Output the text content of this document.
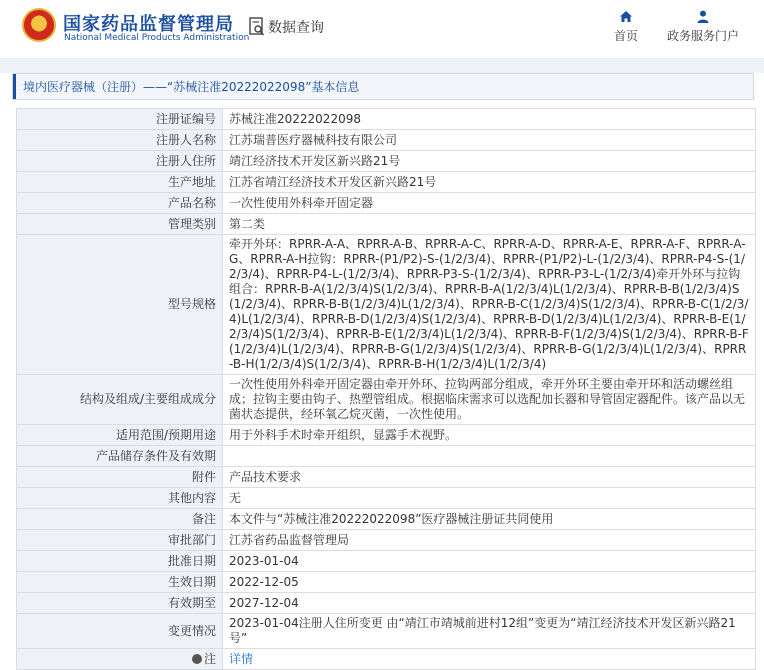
国家药品监督管理局
National Medical Products Administration
数据查询	首页	政务服务门户
境内医疗器械（注册）——“苏械注准20222022098”基本信息
注册证编号	苏械注准20222022098
注册人名称	江苏瑞普医疗器械科技有限公司
注册人住所	靖江经济技术开发区新兴路21号
生产地址	江苏省靖江经济技术开发区新兴路21号
产品名称	一次性使用外科牵开固定器
管理类别	第二类
型号规格	牵开外环：RPRR-A-A、RPRR-A-B、RPRR-A-C、RPRR-A-D、RPRR-A-E、RPRR-A-F、RPRR-A-G、RPRR-A-H拉钩：RPRR-(P1/P2)-S-(1/2/3/4)、RPRR-(P1/P2)-L-(1/2/3/4)、RPRR-P4-S-(1/2/3/4)、RPRR-P4-L-(1/2/3/4)、RPRR-P3-S-(1/2/3/4)、RPRR-P3-L-(1/2/3/4)牵开外环与拉钩组合：RPRR-B-A(1/2/3/4)S(1/2/3/4)、RPRR-B-A(1/2/3/4)L(1/2/3/4)、RPRR-B-B(1/2/3/4)S(1/2/3/4)、RPRR-B-B(1/2/3/4)L(1/2/3/4)、RPRR-B-C(1/2/3/4)S(1/2/3/4)、RPRR-B-C(1/2/3/4)L(1/2/3/4)、RPRR-B-D(1/2/3/4)S(1/2/3/4)、RPRR-B-D(1/2/3/4)L(1/2/3/4)、RPRR-B-E(1/2/3/4)S(1/2/3/4)、RPRR-B-E(1/2/3/4)L(1/2/3/4)、RPRR-B-F(1/2/3/4)S(1/2/3/4)、RPRR-B-F(1/2/3/4)L(1/2/3/4)、RPRR-B-G(1/2/3/4)S(1/2/3/4)、RPRR-B-G(1/2/3/4)L(1/2/3/4)、RPRR-B-H(1/2/3/4)S(1/2/3/4)、RPRR-B-H(1/2/3/4)L(1/2/3/4)
结构及组成/主要组成成分	一次性使用外科牵开固定器由牵开外环、拉钩两部分组成，牵开外环主要由牵开环和活动螺丝组成；拉钩主要由钩子、热塑管组成。根据临床需求可以选配加长器和导管固定器配件。该产品以无菌状态提供，经环氧乙烷灭菌，一次性使用。
适用范围/预期用途	用于外科手术时牵开组织，显露手术视野。
产品储存条件及有效期	
附件	产品技术要求
其他内容	无
备注	本文件与“苏械注准20222022098”医疗器械注册证共同使用
审批部门	江苏省药品监督管理局
批准日期	2023-01-04
生效日期	2022-12-05
有效期至	2027-12-04
变更情况	2023-01-04注册人住所变更 由“靖江市靖城前进村12组”变更为“靖江经济技术开发区新兴路21号”
注	详情
